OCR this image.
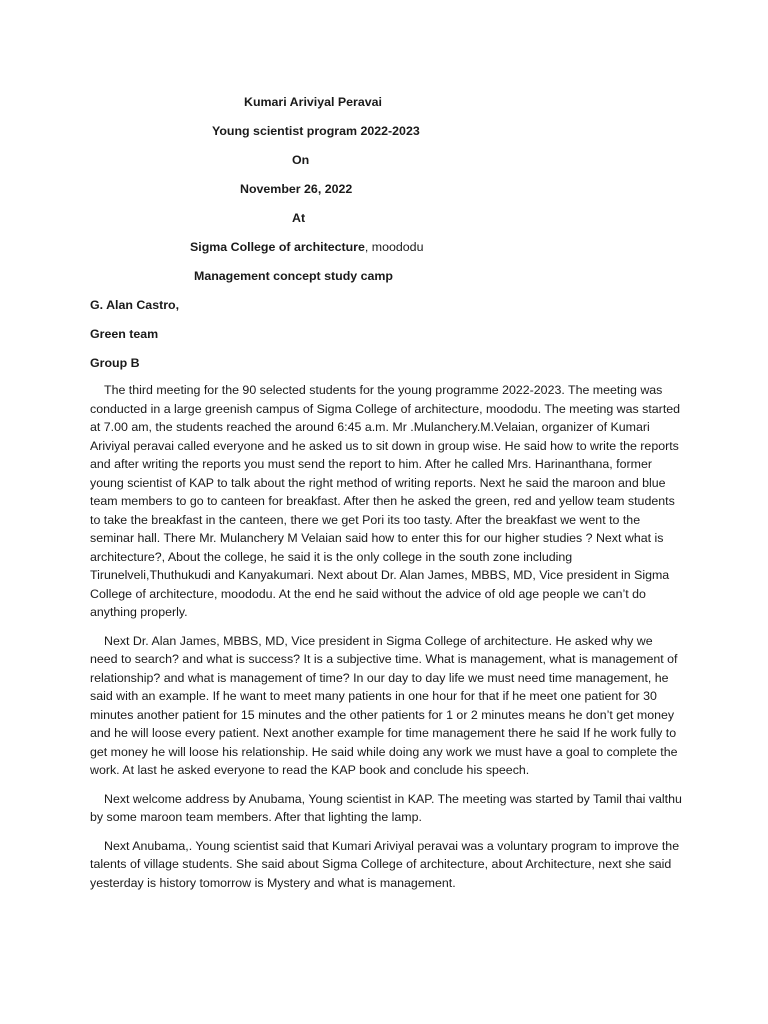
Kumari Ariviyal Peravai

Young scientist program 2022-2023

On

November 26, 2022

At

Sigma College of architecture, moododu

Management concept study camp

G. Alan Castro,

Green team

Group B

The third meeting for the 90 selected students for the young programme 2022-2023. The meeting was conducted in a large greenish campus of Sigma College of architecture, moododu. The meeting was started at 7.00 am, the students reached the around 6:45 a.m. Mr .Mulanchery.M.Velaian, organizer of Kumari Ariviyal peravai called everyone and he asked us to sit down in group wise. He said how to write the reports and after writing the reports you must send the report to him. After he called Mrs. Harinanthana, former young scientist of KAP to talk about the right method of writing reports. Next he said the maroon and blue team members to go to canteen for breakfast. After then he asked the green, red and yellow team students to take the breakfast in the canteen, there we get Pori its too tasty. After the breakfast we went to the seminar hall. There Mr. Mulanchery M Velaian said how to enter this for our higher studies ? Next what is architecture?, About the college, he said it is the only college in the south zone including Tirunelveli,Thuthukudi and Kanyakumari. Next about Dr. Alan James, MBBS, MD, Vice president in Sigma College of architecture, moododu. At the end he said without the advice of old age people we can’t do anything properly.

Next Dr. Alan James, MBBS, MD, Vice president in Sigma College of architecture. He asked why we need to search? and what is success? It is a subjective time. What is management, what is management of relationship? and what is management of time? In our day to day life we must need time management, he said with an example. If he want to meet many patients in one hour for that if he meet one patient for 30 minutes another patient for 15 minutes and the other patients for 1 or 2 minutes means he don’t get money and he will loose every patient. Next another example for time management there he said If he work fully to get money he will loose his relationship. He said while doing any work we must have a goal to complete the work. At last he asked everyone to read the KAP book and conclude his speech.

Next welcome address by Anubama, Young scientist in KAP. The meeting was started by Tamil thai valthu by some maroon team members. After that lighting the lamp.

Next Anubama,. Young scientist said that Kumari Ariviyal peravai was a voluntary program to improve the talents of village students. She said about Sigma College of architecture, about Architecture, next she said yesterday is history tomorrow is Mystery and what is management.
